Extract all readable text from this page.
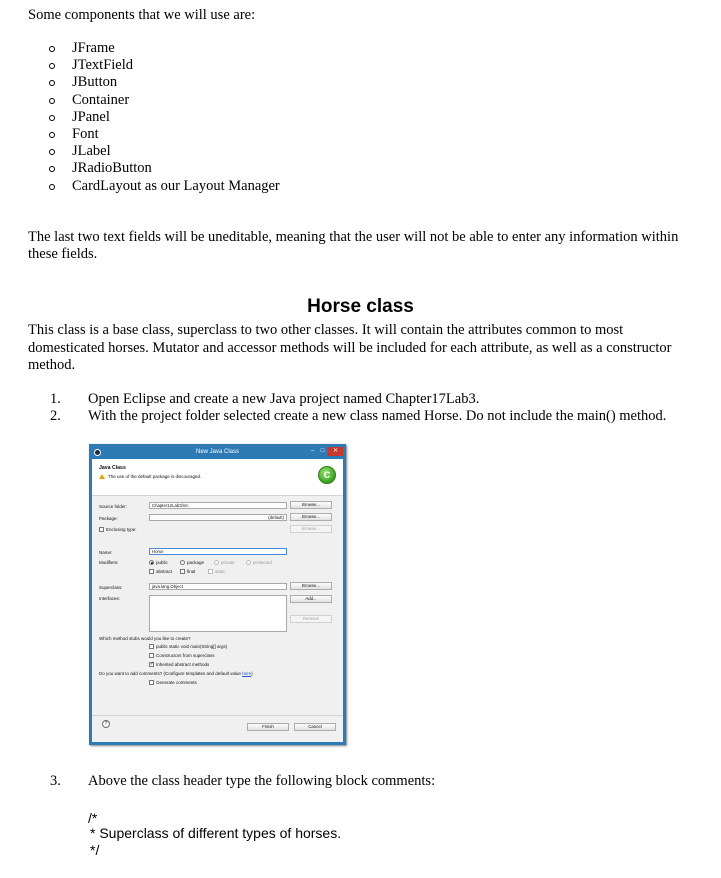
Some components that we will use are:
JFrame
JTextField
JButton
Container
JPanel
Font
JLabel
JRadioButton
CardLayout as our Layout Manager
The last two text fields will be uneditable, meaning that the user will not be able to enter any information within
these fields.
Horse class
This class is a base class, superclass to two other classes. It will contain the attributes common to most
domesticated horses. Mutator and accessor methods will be included for each attribute, as well as a constructor
method.
1. Open Eclipse and create a new Java project named Chapter17Lab3.
2. With the project folder selected create a new class named Horse. Do not include the main() method.
New Java Class	–	□	✕
Java Class
The use of the default package is discouraged.	C
Source folder:	Chapter12Lab3/src	Browse...
Package:	(default)	Browse...
Enclosing type:	Browse...
Name:	Horse
Modifiers:	public	package	private	protected
abstract	final	static
Superclass:	java.lang.Object	Browse...
Interfaces:	Add...
Remove
Which method stubs would you like to create?
public static void main(String[] args)
Constructors from superclass
✓ Inherited abstract methods
Do you want to add comments? (Configure templates and default value here)
Generate comments
?	Finish	Cancel
3. Above the class header type the following block comments:
/*
* Superclass of different types of horses.
*/
